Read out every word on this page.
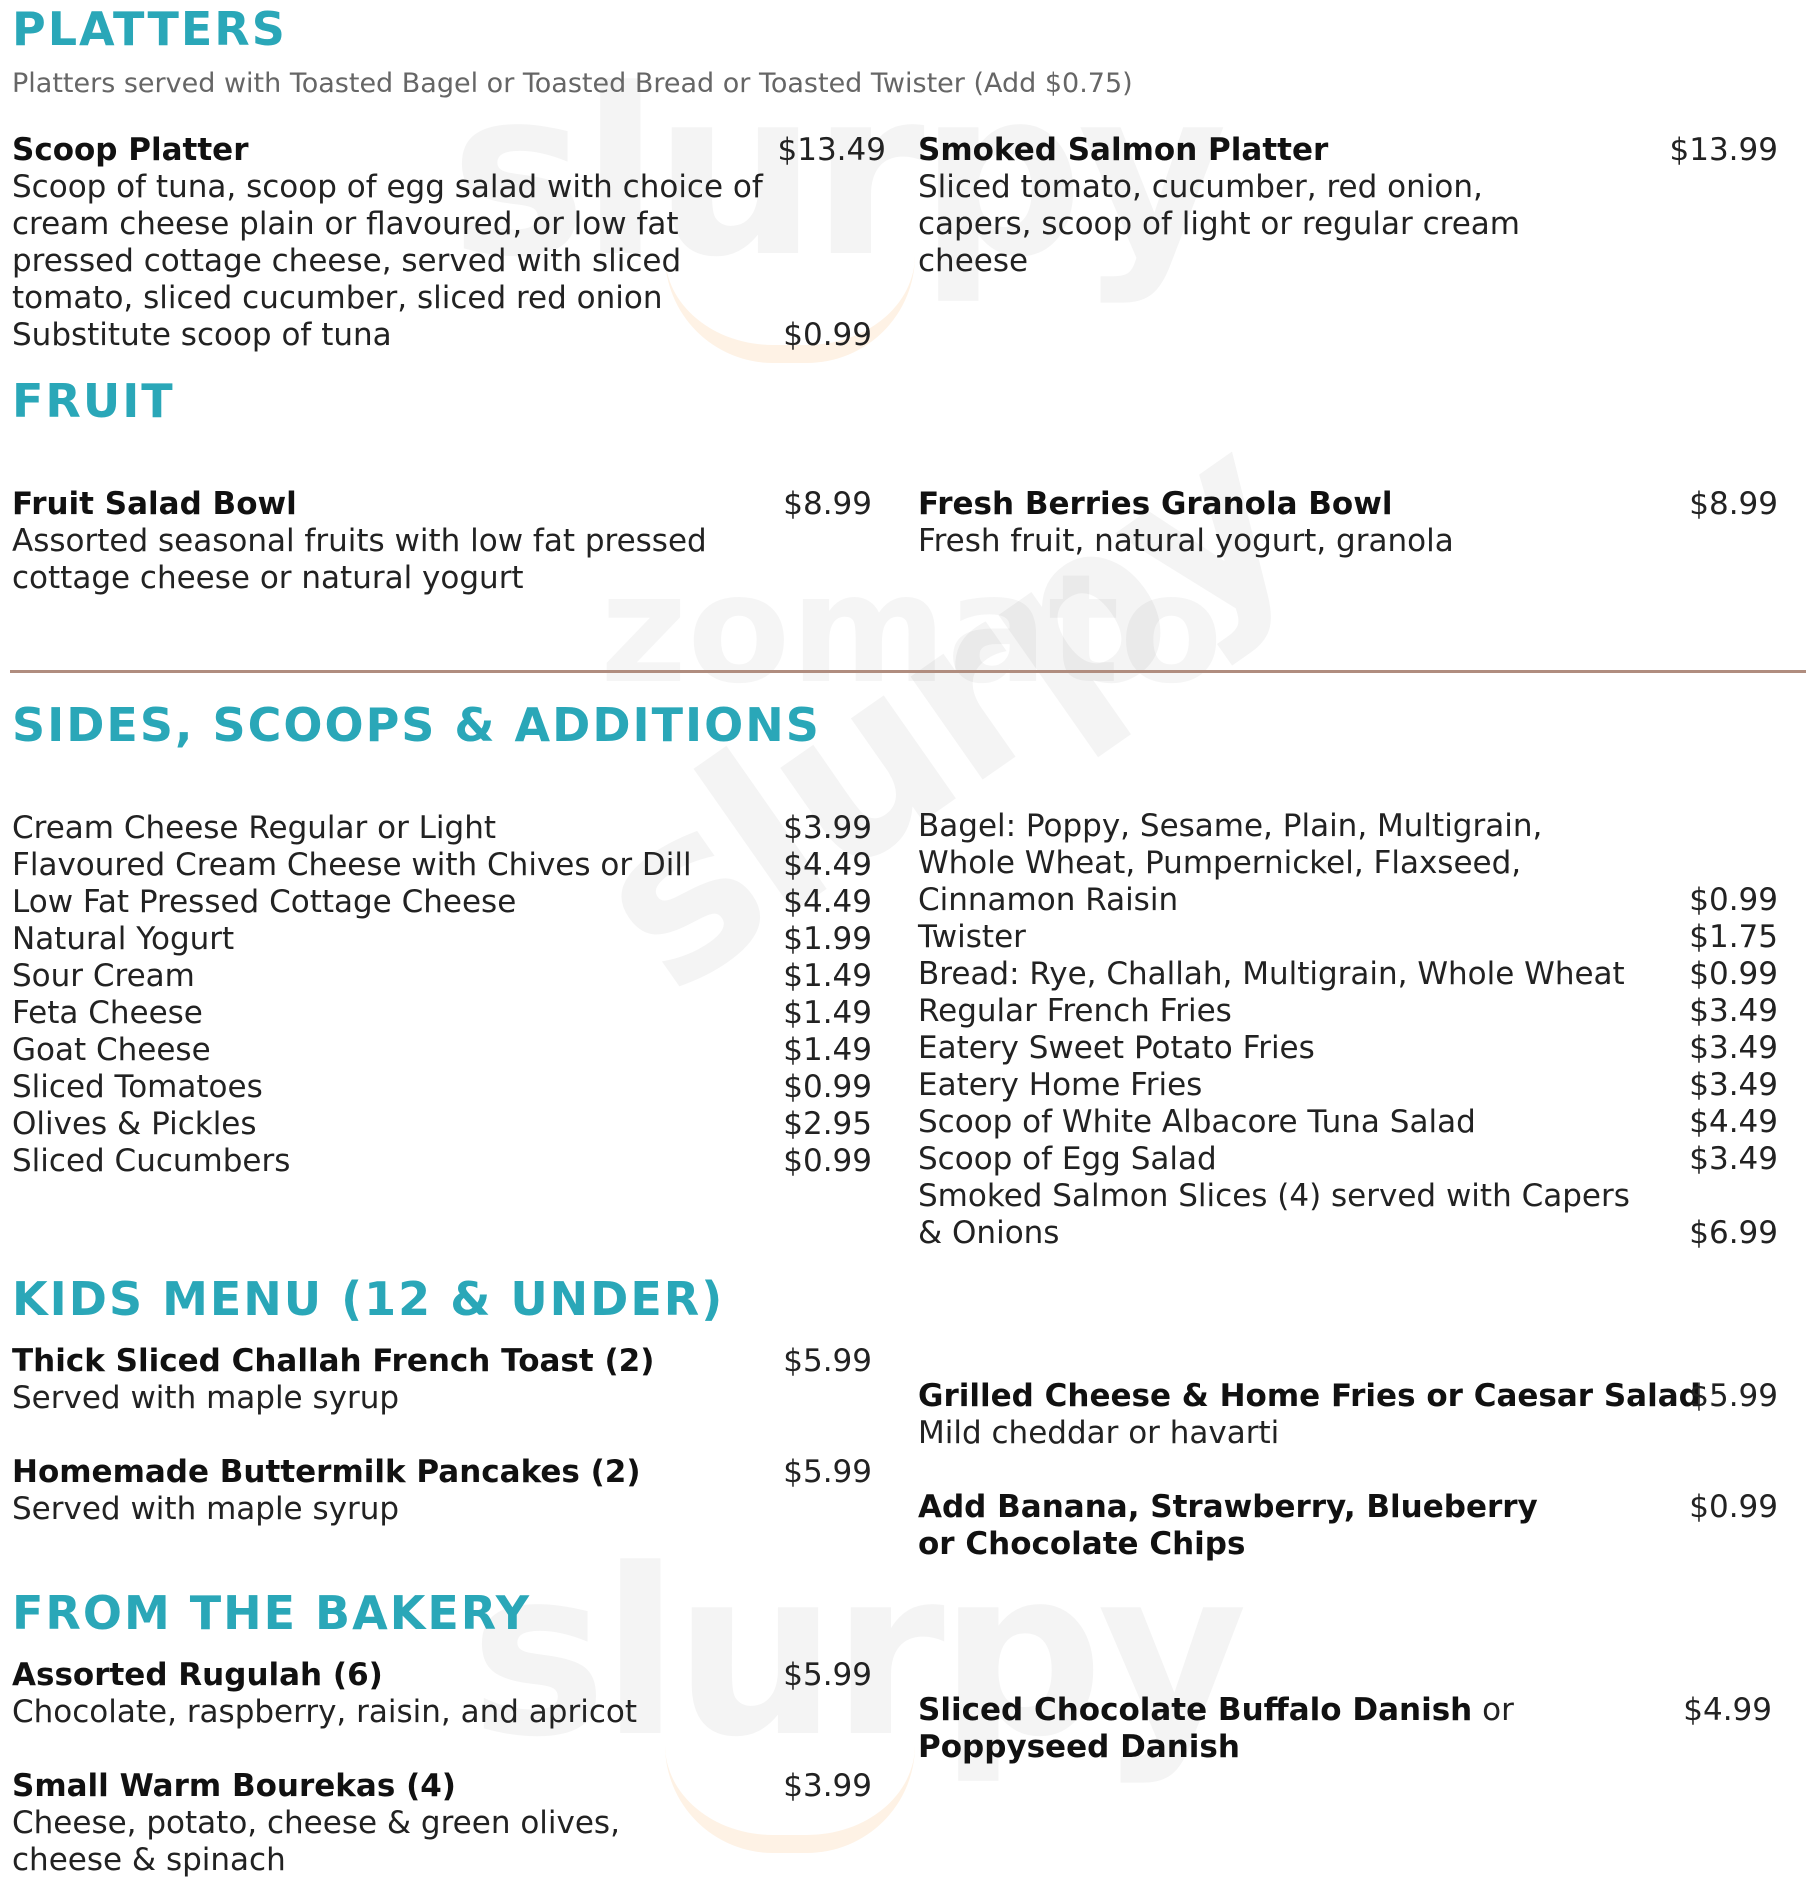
PLATTERS
Platters served with Toasted Bagel or Toasted Bread or Toasted Twister (Add $0.75)
Scoop Platter	$13.49
Scoop of tuna, scoop of egg salad with choice of cream cheese plain or flavoured, or low fat pressed cottage cheese, served with sliced tomato, sliced cucumber, sliced red onion
Substitute scoop of tuna	$0.99
Smoked Salmon Platter	$13.99
Sliced tomato, cucumber, red onion, capers, scoop of light or regular cream cheese
FRUIT
Fruit Salad Bowl	$8.99
Assorted seasonal fruits with low fat pressed cottage cheese or natural yogurt
Fresh Berries Granola Bowl	$8.99
Fresh fruit, natural yogurt, granola
SIDES, SCOOPS & ADDITIONS
Cream Cheese Regular or Light	$3.99
Flavoured Cream Cheese with Chives or Dill	$4.49
Low Fat Pressed Cottage Cheese	$4.49
Natural Yogurt	$1.99
Sour Cream	$1.49
Feta Cheese	$1.49
Goat Cheese	$1.49
Sliced Tomatoes	$0.99
Olives & Pickles	$2.95
Sliced Cucumbers	$0.99
Bagel: Poppy, Sesame, Plain, Multigrain,
Whole Wheat, Pumpernickel, Flaxseed,
Cinnamon Raisin	$0.99
Twister	$1.75
Bread: Rye, Challah, Multigrain, Whole Wheat $0.99
Regular French Fries	$3.49
Eatery Sweet Potato Fries	$3.49
Eatery Home Fries	$3.49
Scoop of White Albacore Tuna Salad	$4.49
Scoop of Egg Salad	$3.49
Smoked Salmon Slices (4) served with Capers
& Onions	$6.99
KIDS MENU (12 & UNDER)
Thick Sliced Challah French Toast (2)	$5.99
Served with maple syrup
Homemade Buttermilk Pancakes (2)	$5.99
Served with maple syrup
Grilled Cheese & Home Fries or Caesar Salad
$5.99
Mild cheddar or havarti
Add Banana, Strawberry, Blueberry or Chocolate Chips
$0.99
FROM THE BAKERY
Assorted Rugulah (6)	$5.99
Chocolate, raspberry, raisin, and apricot
Small Warm Bourekas (4)	$3.99
Cheese, potato, cheese & green olives, cheese & spinach
Sliced Chocolate Buffalo Danish or
Poppyseed Danish
$4.99
